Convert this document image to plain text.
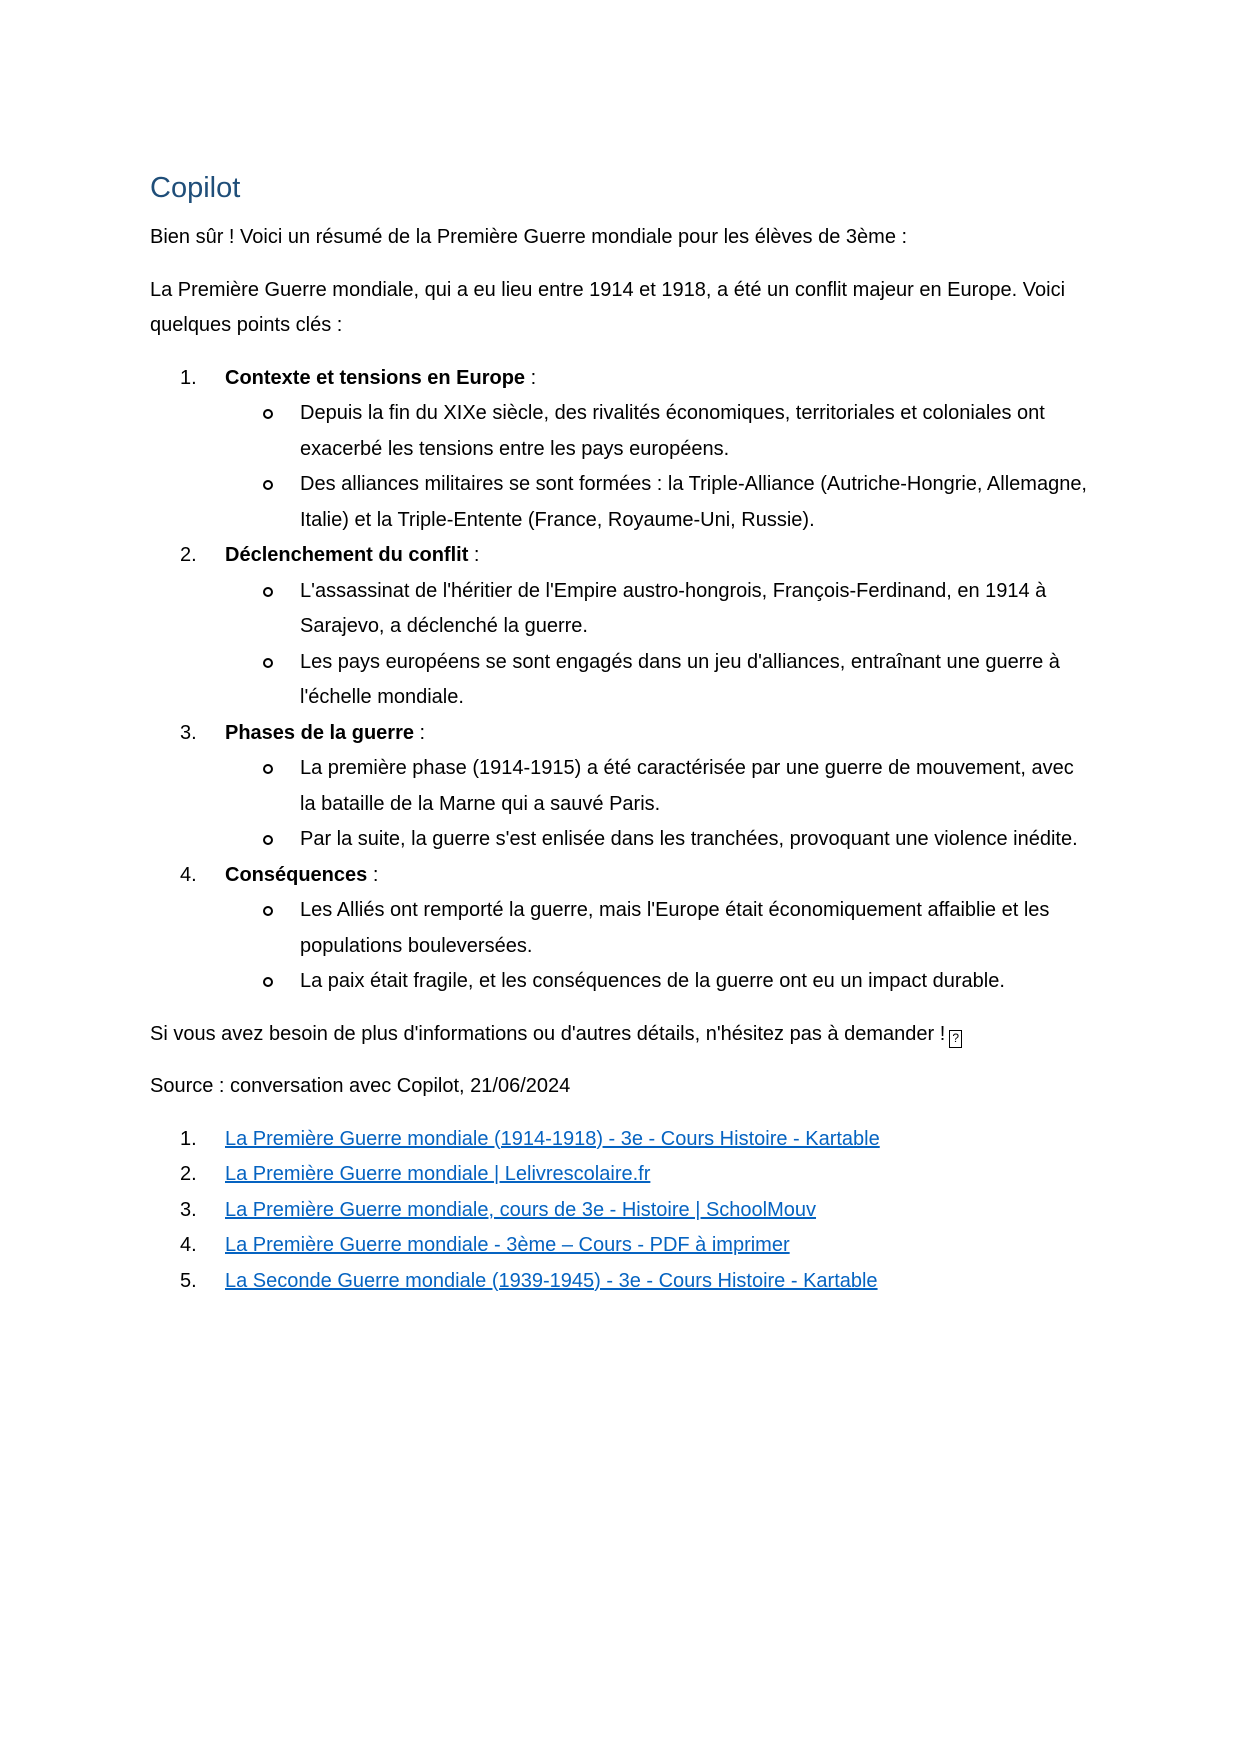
Copilot

Bien sûr ! Voici un résumé de la Première Guerre mondiale pour les élèves de 3ème :

La Première Guerre mondiale, qui a eu lieu entre 1914 et 1918, a été un conflit majeur en Europe. Voici quelques points clés :

1. Contexte et tensions en Europe :
Depuis la fin du XIXe siècle, des rivalités économiques, territoriales et coloniales ont exacerbé les tensions entre les pays européens.
Des alliances militaires se sont formées : la Triple-Alliance (Autriche-Hongrie, Allemagne, Italie) et la Triple-Entente (France, Royaume-Uni, Russie).
2. Déclenchement du conflit :
L'assassinat de l'héritier de l'Empire austro-hongrois, François-Ferdinand, en 1914 à Sarajevo, a déclenché la guerre.
Les pays européens se sont engagés dans un jeu d'alliances, entraînant une guerre à l'échelle mondiale.
3. Phases de la guerre :
La première phase (1914-1915) a été caractérisée par une guerre de mouvement, avec la bataille de la Marne qui a sauvé Paris.
Par la suite, la guerre s'est enlisée dans les tranchées, provoquant une violence inédite.
4. Conséquences :
Les Alliés ont remporté la guerre, mais l'Europe était économiquement affaiblie et les populations bouleversées.
La paix était fragile, et les conséquences de la guerre ont eu un impact durable.

Si vous avez besoin de plus d'informations ou d'autres détails, n'hésitez pas à demander ! ?

Source : conversation avec Copilot, 21/06/2024

1. La Première Guerre mondiale (1914-1918) - 3e - Cours Histoire - Kartable
2. La Première Guerre mondiale | Lelivrescolaire.fr
3. La Première Guerre mondiale, cours de 3e - Histoire | SchoolMouv
4. La Première Guerre mondiale - 3ème – Cours - PDF à imprimer
5. La Seconde Guerre mondiale (1939-1945) - 3e - Cours Histoire - Kartable
